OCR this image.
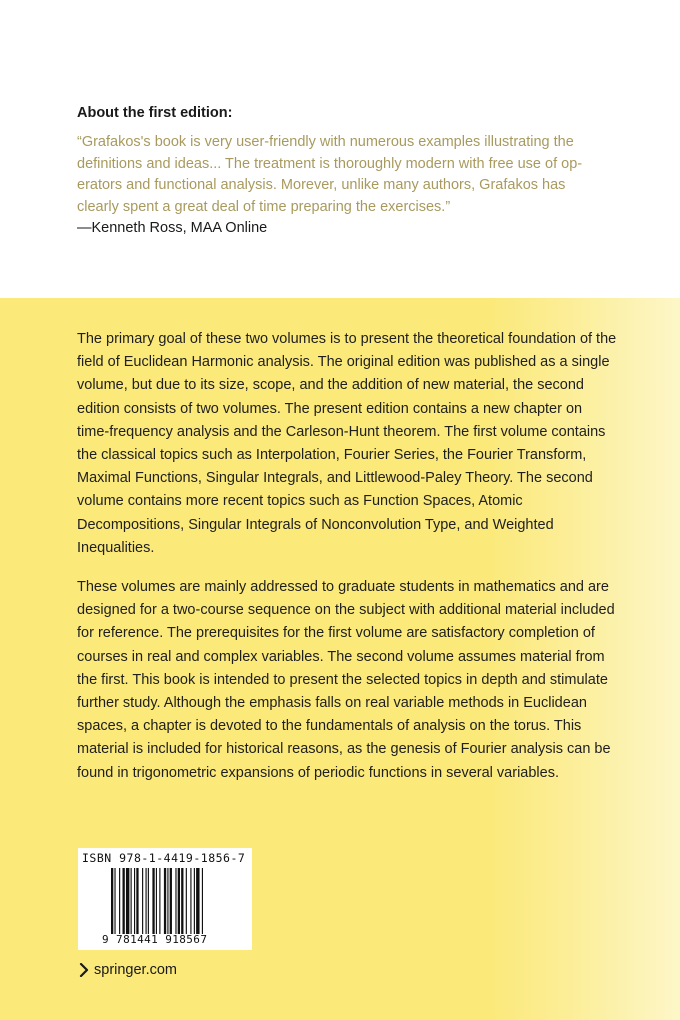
About the first edition:
“Grafakos's book is very user-friendly with numerous examples illustrating the
definitions and ideas... The treatment is thoroughly modern with free use of op-
erators and functional analysis. Morever, unlike many authors, Grafakos has
clearly spent a great deal of time preparing the exercises.”
—Kenneth Ross, MAA Online

The primary goal of these two volumes is to present the theoretical foundation of the field of Euclidean Harmonic analysis. The original edition was published as a single volume, but due to its size, scope, and the addition of new material, the second edition consists of two volumes. The present edition contains a new chapter on time-frequency analysis and the Carleson-Hunt theorem. The first volume contains the classical topics such as Interpolation, Fourier Series, the Fourier Transform, Maximal Functions, Singular Integrals, and Littlewood-Paley Theory. The second volume contains more recent topics such as Function Spaces, Atomic Decompositions, Singular Integrals of Nonconvolution Type, and Weighted Inequalities.

These volumes are mainly addressed to graduate students in mathematics and are designed for a two-course sequence on the subject with additional material included for reference. The prerequisites for the first volume are satisfactory completion of courses in real and complex variables. The second volume assumes material from the first. This book is intended to present the selected topics in depth and stimulate further study. Although the emphasis falls on real variable methods in Euclidean spaces, a chapter is devoted to the fundamentals of analysis on the torus. This material is included for historical reasons, as the genesis of Fourier analysis can be found in trigonometric expansions of periodic functions in several variables.

ISBN 978-1-4419-1856-7
9 781441 918567
springer.com
